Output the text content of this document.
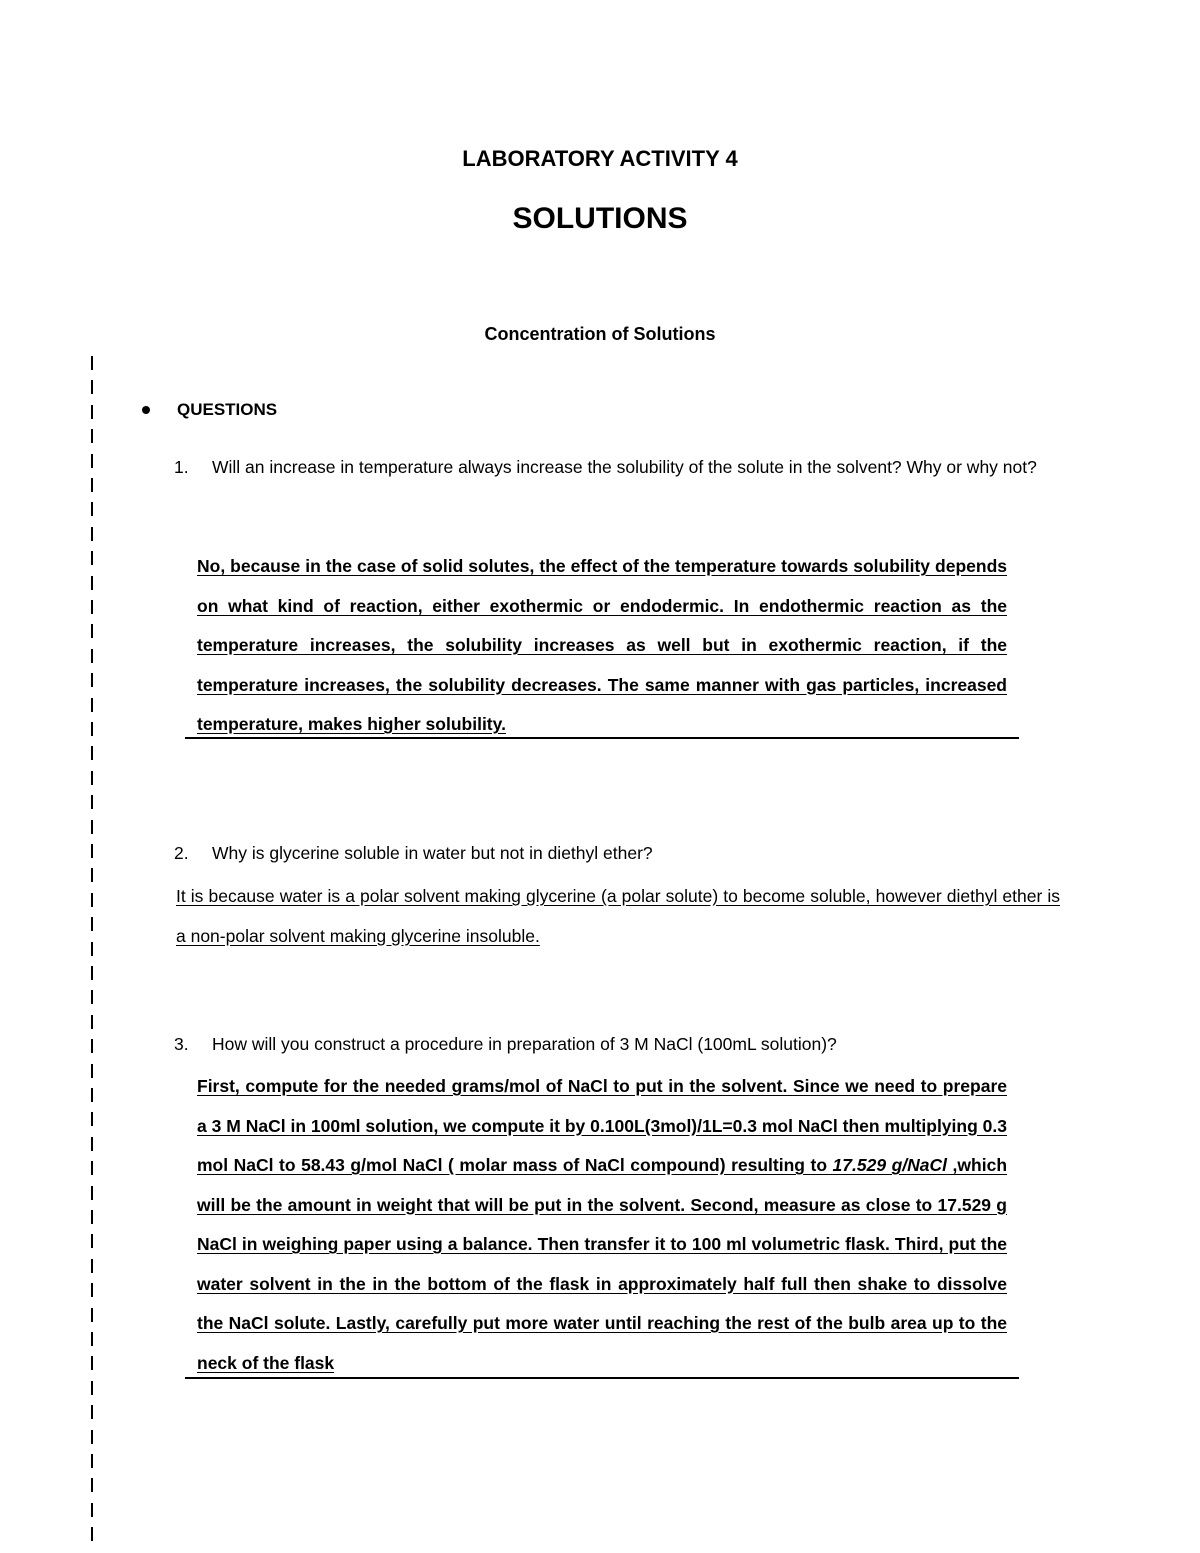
LABORATORY ACTIVITY 4
SOLUTIONS
Concentration of Solutions
QUESTIONS
1. Will an increase in temperature always increase the solubility of the solute in the solvent? Why or why not?
No, because in the case of solid solutes, the effect of the temperature towards solubility depends on what kind of reaction, either exothermic or endodermic. In endothermic reaction as the temperature increases, the solubility increases as well but in exothermic reaction, if the temperature increases, the solubility decreases. The same manner with gas particles, increased temperature, makes higher solubility.
2. Why is glycerine soluble in water but not in diethyl ether?
It is because water is a polar solvent making glycerine (a polar solute) to become soluble, however diethyl ether is a non-polar solvent making glycerine insoluble.
3. How will you construct a procedure in preparation of 3 M NaCl (100mL solution)?
First, compute for the needed grams/mol of NaCl to put in the solvent. Since we need to prepare a 3 M NaCl in 100ml solution, we compute it by 0.100L(3mol)/1L=0.3 mol NaCl then multiplying 0.3 mol NaCl to 58.43 g/mol NaCl ( molar mass of NaCl compound) resulting to 17.529 g/NaCl ,which will be the amount in weight that will be put in the solvent. Second, measure as close to 17.529 g NaCl in weighing paper using a balance. Then transfer it to 100 ml volumetric flask. Third, put the water solvent in the in the bottom of the flask in approximately half full then shake to dissolve the NaCl solute. Lastly, carefully put more water until reaching the rest of the bulb area up to the neck of the flask
